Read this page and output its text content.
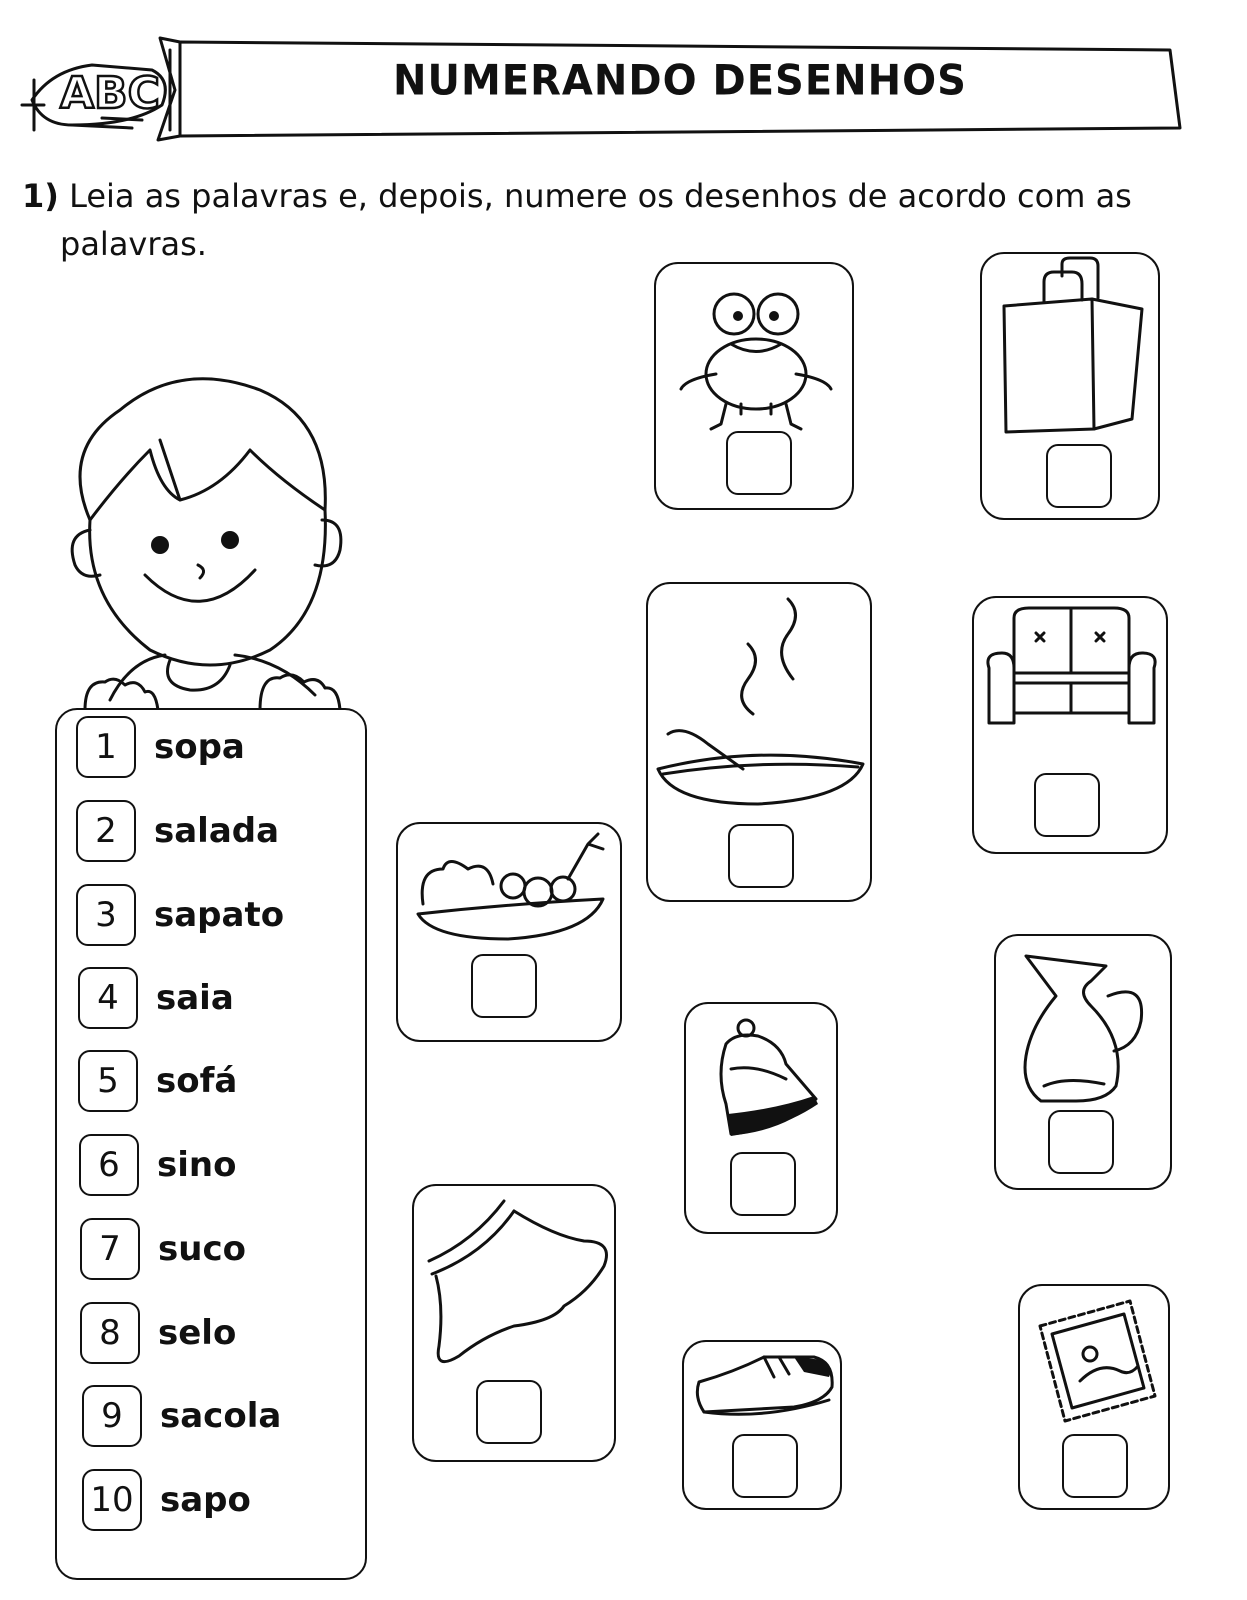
ABC	NUMERANDO DESENHOS
1) Leia as palavras e, depois, numere os desenhos de acordo com as
palavras.
1	sopa
2	salada
3	sapato
4	saia
5	sofá
6	sino
7	suco
8	selo
9	sacola
10 sapo
